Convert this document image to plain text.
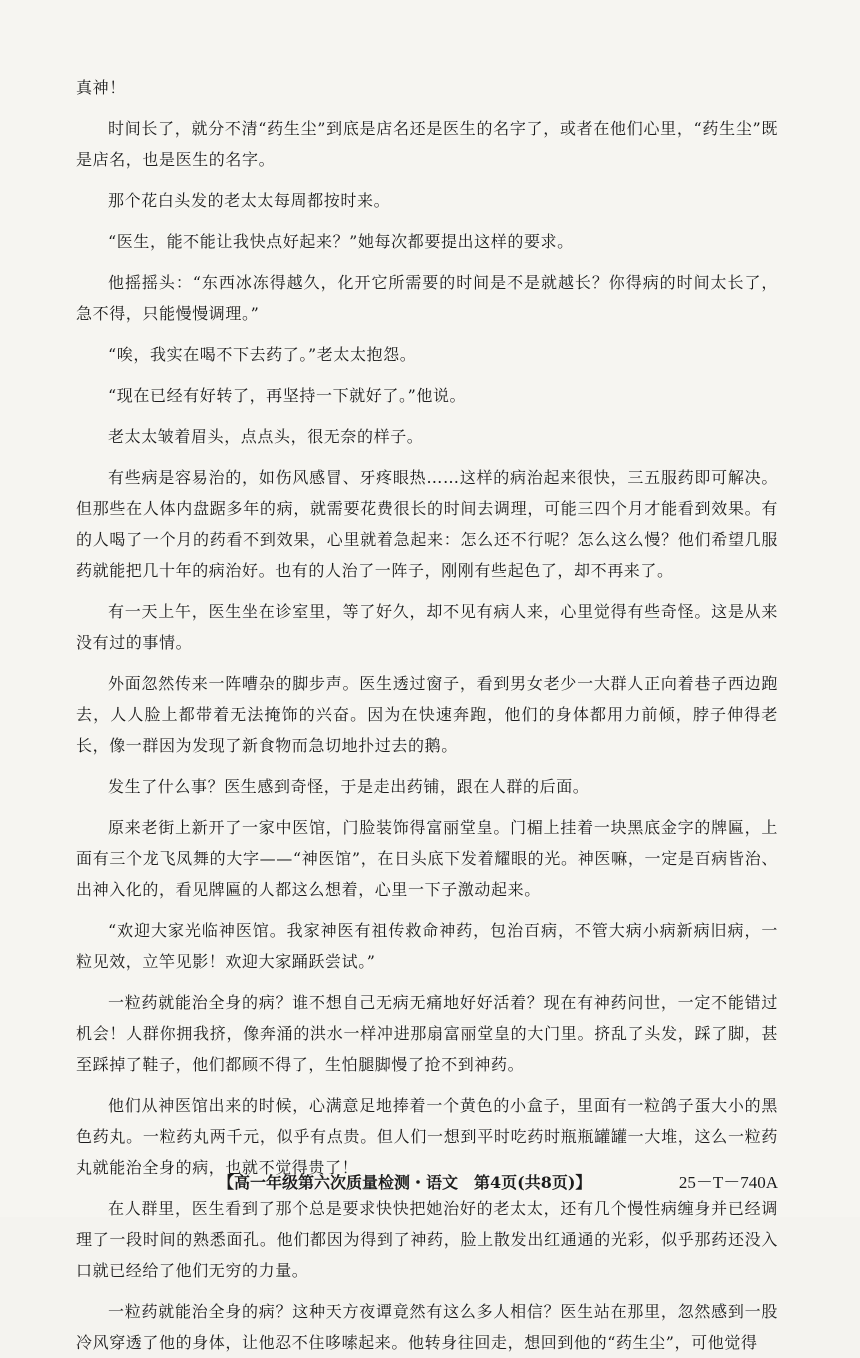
真神！

时间长了，就分不清“药生尘”到底是店名还是医生的名字了，或者在他们心里，“药生尘”既是店名，也是医生的名字。

那个花白头发的老太太每周都按时来。

“医生，能不能让我快点好起来？”她每次都要提出这样的要求。

他摇摇头：“东西冰冻得越久，化开它所需要的时间是不是就越长？你得病的时间太长了，急不得，只能慢慢调理。”

“唉，我实在喝不下去药了。”老太太抱怨。

“现在已经有好转了，再坚持一下就好了。”他说。

老太太皱着眉头，点点头，很无奈的样子。

有些病是容易治的，如伤风感冒、牙疼眼热……这样的病治起来很快，三五服药即可解决。但那些在人体内盘踞多年的病，就需要花费很长的时间去调理，可能三四个月才能看到效果。有的人喝了一个月的药看不到效果，心里就着急起来：怎么还不行呢？怎么这么慢？他们希望几服药就能把几十年的病治好。也有的人治了一阵子，刚刚有些起色了，却不再来了。

有一天上午，医生坐在诊室里，等了好久，却不见有病人来，心里觉得有些奇怪。这是从来没有过的事情。

外面忽然传来一阵嘈杂的脚步声。医生透过窗子，看到男女老少一大群人正向着巷子西边跑去，人人脸上都带着无法掩饰的兴奋。因为在快速奔跑，他们的身体都用力前倾，脖子伸得老长，像一群因为发现了新食物而急切地扑过去的鹅。

发生了什么事？医生感到奇怪，于是走出药铺，跟在人群的后面。

原来老街上新开了一家中医馆，门脸装饰得富丽堂皇。门楣上挂着一块黑底金字的牌匾，上面有三个龙飞凤舞的大字——“神医馆”，在日头底下发着耀眼的光。神医嘛，一定是百病皆治、出神入化的，看见牌匾的人都这么想着，心里一下子激动起来。

“欢迎大家光临神医馆。我家神医有祖传救命神药，包治百病，不管大病小病新病旧病，一粒见效，立竿见影！欢迎大家踊跃尝试。”

一粒药就能治全身的病？谁不想自己无病无痛地好好活着？现在有神药问世，一定不能错过机会！人群你拥我挤，像奔涌的洪水一样冲进那扇富丽堂皇的大门里。挤乱了头发，踩了脚，甚至踩掉了鞋子，他们都顾不得了，生怕腿脚慢了抢不到神药。

他们从神医馆出来的时候，心满意足地捧着一个黄色的小盒子，里面有一粒鸽子蛋大小的黑色药丸。一粒药丸两千元，似乎有点贵。但人们一想到平时吃药时瓶瓶罐罐一大堆，这么一粒药丸就能治全身的病，也就不觉得贵了！

在人群里，医生看到了那个总是要求快快把她治好的老太太，还有几个慢性病缠身并已经调理了一段时间的熟悉面孔。他们都因为得到了神药，脸上散发出红通通的光彩，似乎那药还没入口就已经给了他们无穷的力量。

一粒药就能治全身的病？这种天方夜谭竟然有这么多人相信？医生站在那里，忽然感到一股冷风穿透了他的身体，让他忍不住哆嗦起来。他转身往回走，想回到他的“药生尘”，可他觉得

【高一年级第六次质量检测・语文　第4页(共8页)】	25－T－740A
